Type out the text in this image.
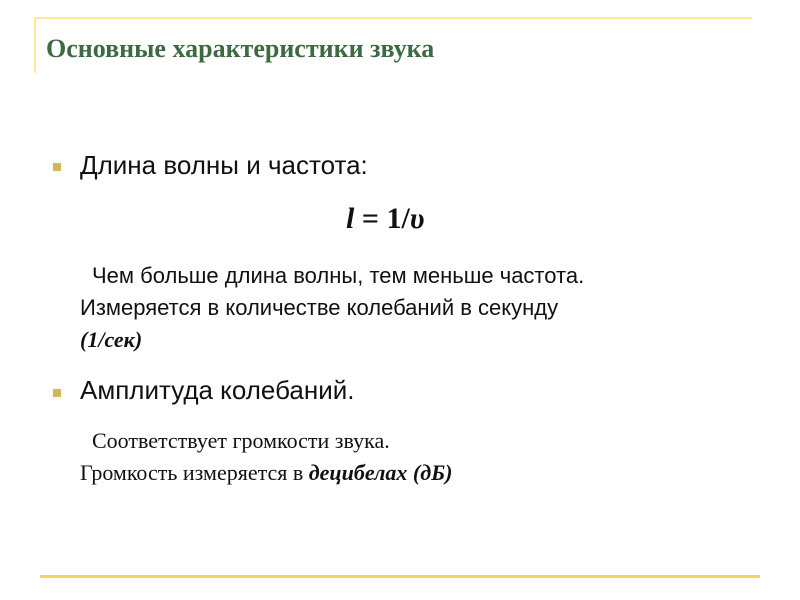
Основные характеристики звука

Длина волны и частота:

l = 1/υ

Чем больше длина волны, тем меньше частота.
Измеряется в количестве колебаний в секунду
(1/сек)

Амплитуда колебаний.

Соответствует громкости звука.
Громкость измеряется в децибелах (дБ)
